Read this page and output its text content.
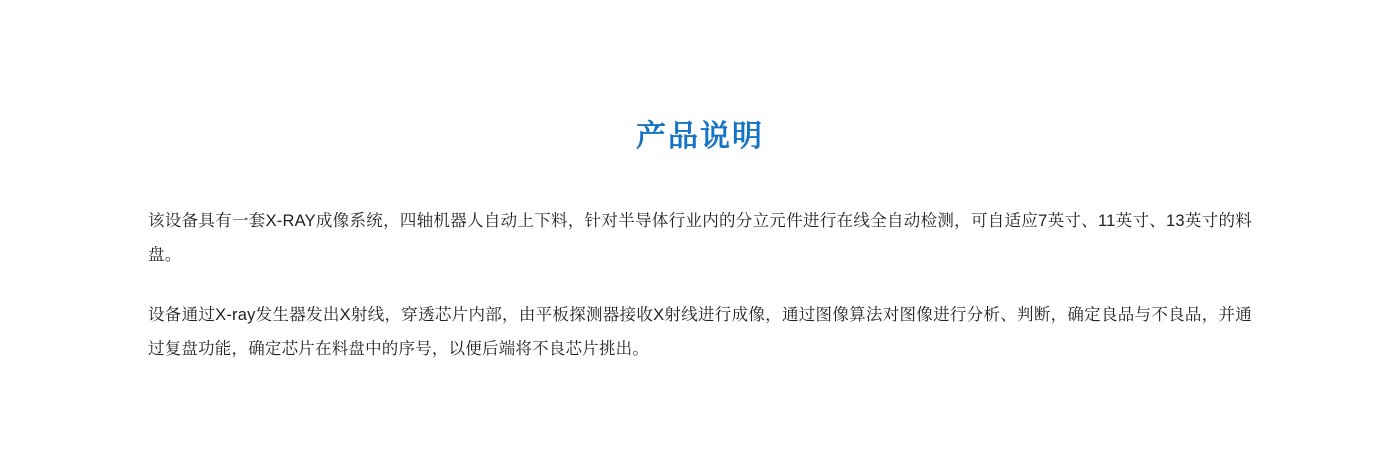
产品说明

该设备具有一套X-RAY成像系统，四轴机器人自动上下料，针对半导体行业内的分立元件进行在线全自动检测，可自适应7英寸、11英寸、13英寸的料盘。

设备通过X-ray发生器发出X射线，穿透芯片内部，由平板探测器接收X射线进行成像，通过图像算法对图像进行分析、判断，确定良品与不良品，并通过复盘功能，确定芯片在料盘中的序号，以便后端将不良芯片挑出。
